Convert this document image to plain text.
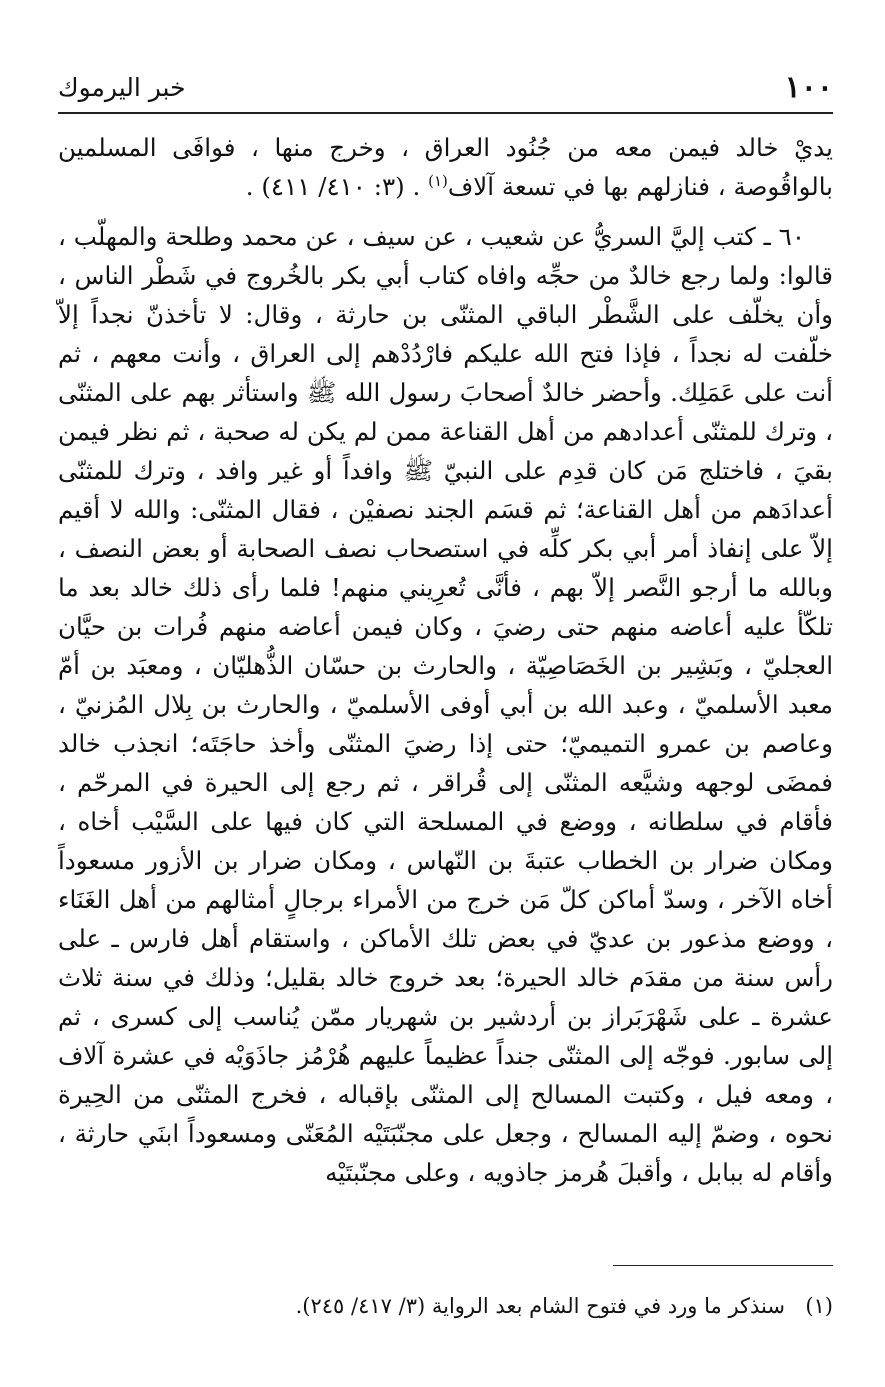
١٠٠
خبر اليرموك

يديْ خالد فيمن معه من جُنُود العراق ، وخرج منها ، فوافَى المسلمين بالواقُوصة ، فنازلهم بها في تسعة آلاف$^{(١)}$ . (٣: ٤١٠/ ٤١١) .

٦٠ ـ كتب إليَّ السريُّ عن شعيب ، عن سيف ، عن محمد وطلحة والمهلّب ، قالوا: ولما رجع خالدٌ من حجِّه وافاه كتاب أبي بكر بالخُروج في شَطْر الناس ، وأن يخلّف على الشَّطْر الباقي المثنّى بن حارثة ، وقال: لا تأخذنّ نجداً إلاّ خلّفت له نجداً ، فإذا فتح الله عليكم فارْدُدْهم إلى العراق ، وأنت معهم ، ثم أنت على عَمَلِك. وأحضر خالدٌ أصحابَ رسول الله ﷺ واستأثر بهم على المثنّى ، وترك للمثنّى أعدادهم من أهل القناعة ممن لم يكن له صحبة ، ثم نظر فيمن بقيَ ، فاختلج مَن كان قدِم على النبيّ ﷺ وافداً أو غير وافد ، وترك للمثنّى أعدادَهم من أهل القناعة؛ ثم قسَم الجند نصفيْن ، فقال المثنّى: والله لا أقيم إلاّ على إنفاذ أمر أبي بكر كلِّه في استصحاب نصف الصحابة أو بعض النصف ، وبالله ما أرجو النَّصر إلاّ بهم ، فأنَّى تُعرِيني منهم! فلما رأى ذلك خالد بعد ما تلكّأ عليه أعاضه منهم حتى رضيَ ، وكان فيمن أعاضه منهم فُرات بن حيَّان العجليّ ، وبَشِير بن الخَصَاصِيّة ، والحارث بن حسّان الذُّهليّان ، ومعبَد بن أمّ معبد الأسلميّ ، وعبد الله بن أبي أوفى الأسلميّ ، والحارث بن بِلال المُزنيّ ، وعاصم بن عمرو التميميّ؛ حتى إذا رضيَ المثنّى وأخذ حاجَتَه؛ انجذب خالد فمضَى لوجهه وشيَّعه المثنّى إلى قُراقر ، ثم رجع إلى الحيرة في المرحّم ، فأقام في سلطانه ، ووضع في المسلحة التي كان فيها على السَّيْب أخاه ، ومكان ضرار بن الخطاب عتبةَ بن النّهاس ، ومكان ضرار بن الأزور مسعوداً أخاه الآخر ، وسدّ أماكن كلّ مَن خرج من الأمراء برجالٍ أمثالهم من أهل الغَنَاء ، ووضع مذعور بن عديّ في بعض تلك الأماكن ، واستقام أهل فارس ـ على رأس سنة من مقدَم خالد الحيرة؛ بعد خروج خالد بقليل؛ وذلك في سنة ثلاث عشرة ـ على شَهْرَبَراز بن أردشير بن شهريار ممّن يُناسب إلى كسرى ، ثم إلى سابور. فوجّه إلى المثنّى جنداً عظيماً عليهم هُرْمُز جاذَوَيْه في عشرة آلاف ، ومعه فيل ، وكتبت المسالح إلى المثنّى بإقباله ، فخرج المثنّى من الحِيرة نحوه ، وضمّ إليه المسالح ، وجعل على مجنّبَتَيْه المُعَنّى ومسعوداً ابنَي حارثة ، وأقام له ببابل ، وأقبلَ هُرمز جاذويه ، وعلى مجنّبتَيْه

(١)سنذكر ما ورد في فتوح الشام بعد الرواية (٣/ ٤١٧/ ٢٤٥).
